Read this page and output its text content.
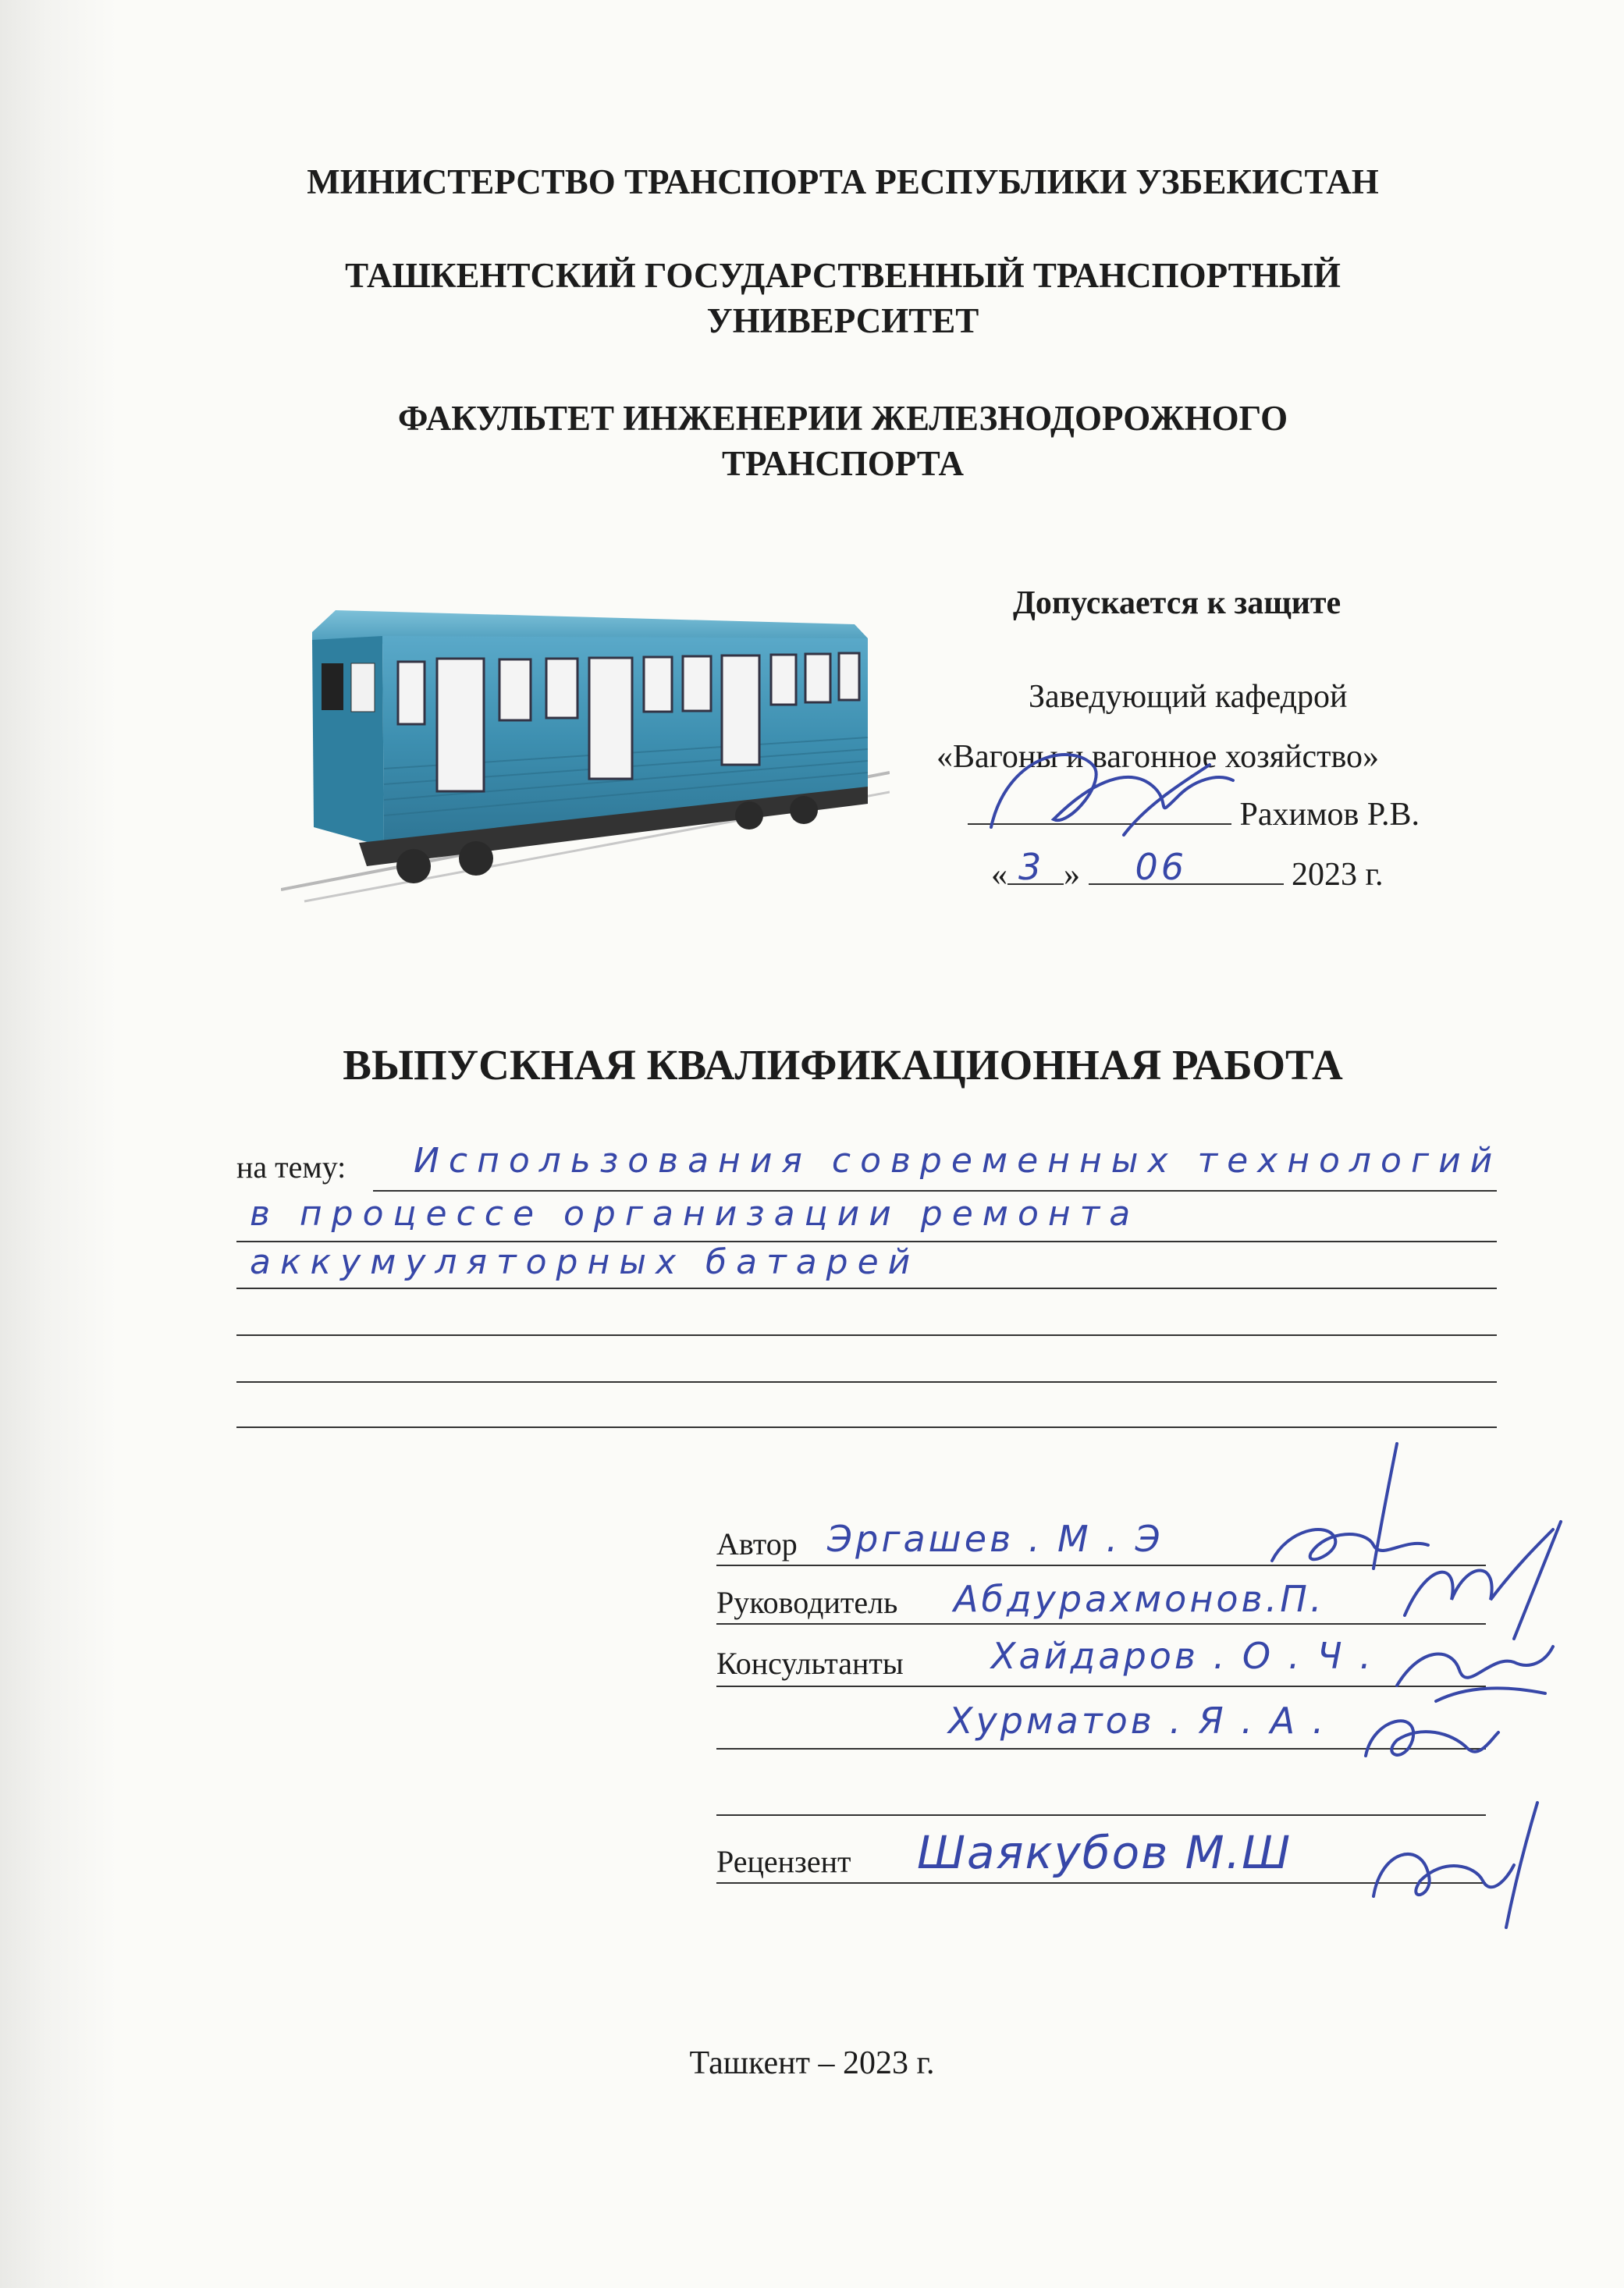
МИНИСТЕРСТВО ТРАНСПОРТА РЕСПУБЛИКИ УЗБЕКИСТАН
ТАШКЕНТСКИЙ ГОСУДАРСТВЕННЫЙ ТРАНСПОРТНЫЙ
УНИВЕРСИТЕТ
ФАКУЛЬТЕТ ИНЖЕНЕРИИ ЖЕЛЕЗНОДОРОЖНОГО
ТРАНСПОРТА
Допускается к защите
Заведующий кафедрой
«Вагоны и вагонное хозяйство»
Рахимов Р.В.
« 3 » 06	2023 г.
ВЫПУСКНАЯ КВАЛИФИКАЦИОННАЯ РАБОТА
на тему: Использования современных технологий
в процессе организации ремонта
аккумуляторных батарей
Автор Эргашев . М . Э
Руководитель Абдурахмонов.П.
Консультанты Хайдаров . О . Ч .
Хурматов . Я . А .
Рецензент Шаякубов М.Ш
Ташкент – 2023 г.
